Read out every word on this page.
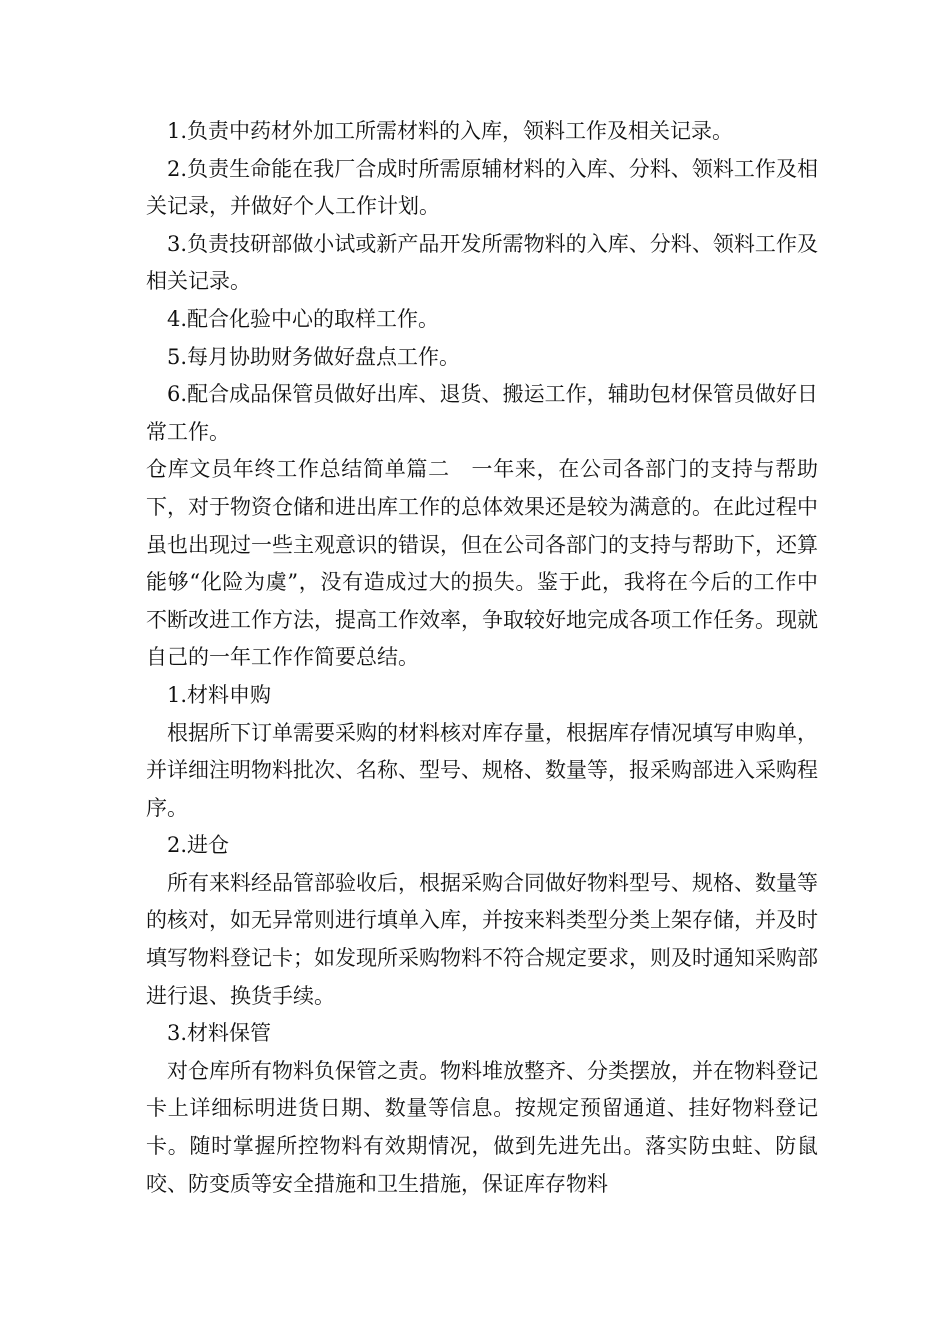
1.负责中药材外加工所需材料的入库，领料工作及相关记录。

2.负责生命能在我厂合成时所需原辅材料的入库、分料、领料工作及相关记录，并做好个人工作计划。

3.负责技研部做小试或新产品开发所需物料的入库、分料、领料工作及相关记录。

4.配合化验中心的取样工作。

5.每月协助财务做好盘点工作。

6.配合成品保管员做好出库、退货、搬运工作，辅助包材保管员做好日常工作。

仓库文员年终工作总结简单篇二　一年来，在公司各部门的支持与帮助下，对于物资仓储和进出库工作的总体效果还是较为满意的。在此过程中虽也出现过一些主观意识的错误，但在公司各部门的支持与帮助下，还算能够“化险为虞”，没有造成过大的损失。鉴于此，我将在今后的工作中不断改进工作方法，提高工作效率，争取较好地完成各项工作任务。现就自己的一年工作作简要总结。

1.材料申购

根据所下订单需要采购的材料核对库存量，根据库存情况填写申购单，并详细注明物料批次、名称、型号、规格、数量等，报采购部进入采购程序。

2.进仓

所有来料经品管部验收后，根据采购合同做好物料型号、规格、数量等的核对，如无异常则进行填单入库，并按来料类型分类上架存储，并及时填写物料登记卡；如发现所采购物料不符合规定要求，则及时通知采购部进行退、换货手续。

3.材料保管

对仓库所有物料负保管之责。物料堆放整齐、分类摆放，并在物料登记卡上详细标明进货日期、数量等信息。按规定预留通道、挂好物料登记卡。随时掌握所控物料有效期情况，做到先进先出。落实防虫蛀、防鼠咬、防变质等安全措施和卫生措施，保证库存物料
